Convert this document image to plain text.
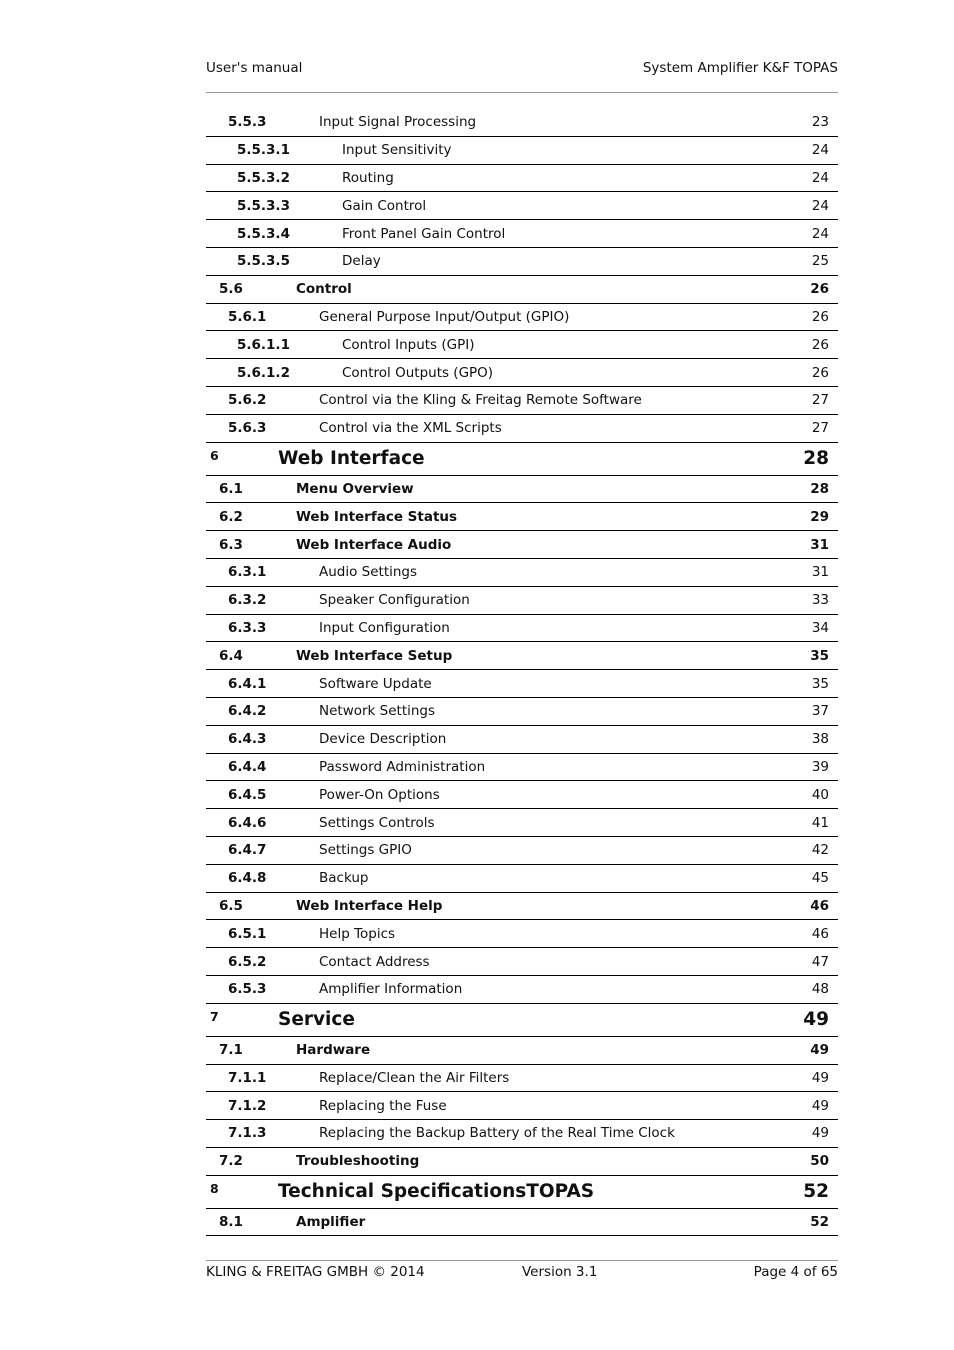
User's manual	System Amplifier K&F TOPAS
5.5.3	Input Signal Processing	23
5.5.3.1	Input Sensitivity	24
5.5.3.2	Routing	24
5.5.3.3	Gain Control	24
5.5.3.4	Front Panel Gain Control	24
5.5.3.5	Delay	25
5.6	Control	26
5.6.1	General Purpose Input/Output (GPIO)	26
5.6.1.1	Control Inputs (GPI)	26
5.6.1.2	Control Outputs (GPO)	26
5.6.2	Control via the Kling & Freitag Remote Software	27
5.6.3	Control via the XML Scripts	27
6	Web Interface	28
6.1	Menu Overview	28
6.2	Web Interface Status	29
6.3	Web Interface Audio	31
6.3.1	Audio Settings	31
6.3.2	Speaker Configuration	33
6.3.3	Input Configuration	34
6.4	Web Interface Setup	35
6.4.1	Software Update	35
6.4.2	Network Settings	37
6.4.3	Device Description	38
6.4.4	Password Administration	39
6.4.5	Power-On Options	40
6.4.6	Settings Controls	41
6.4.7	Settings GPIO	42
6.4.8	Backup	45
6.5	Web Interface Help	46
6.5.1	Help Topics	46
6.5.2	Contact Address	47
6.5.3	Amplifier Information	48
7	Service	49
7.1	Hardware	49
7.1.1	Replace/Clean the Air Filters	49
7.1.2	Replacing the Fuse	49
7.1.3	Replacing the Backup Battery of the Real Time Clock	49
7.2	Troubleshooting	50
8	Technical SpecificationsTOPAS	52
8.1	Amplifier	52
KLING & FREITAG GMBH © 2014	Version 3.1	Page 4 of 65
